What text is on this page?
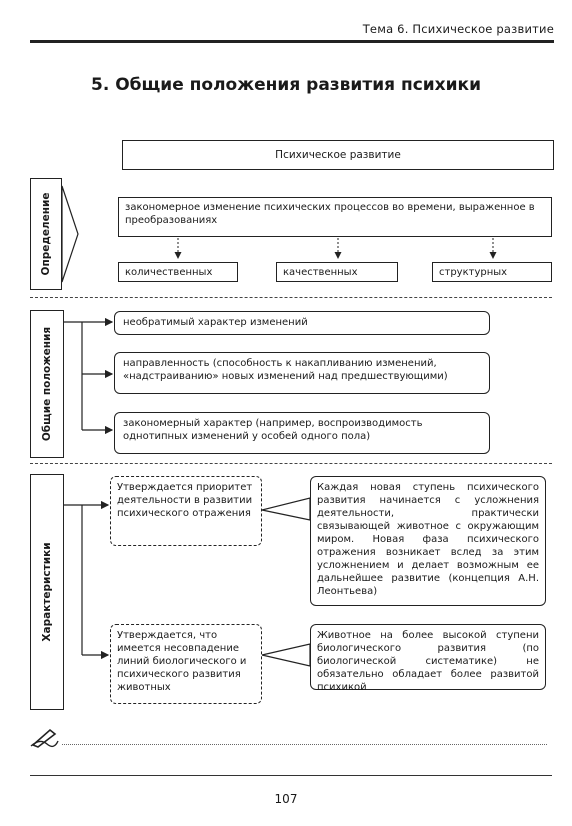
Тема 6. Психическое развитие
5. Общие положения развития психики
Психическое развитие
Определение	закономерное изменение психических процессов во времени, выраженное в преобразованиях
количественных	качественных	структурных
Общие положения
необратимый характер изменений
направленность (способность к накапливанию изменений, «надстраиванию» новых изменений над предшествующими)
закономерный характер (например, воспроизводимость однотипных изменений у особей одного пола)
Характеристики
Утверждается приоритет деятельности в развитии психического отражения
Каждая новая ступень психического развития начинается с усложнения деятельности, практически связывающей животное с окружающим миром. Новая фаза психического отражения возникает вслед за этим усложнением и делает возможным ее дальнейшее развитие (концепция А.Н. Леонтьева)
Утверждается, что имеется несовпадение линий биологического и психического развития животных
Животное на более высокой ступени биологического развития (по биологической систематике) не обязательно обладает более развитой психикой
107
